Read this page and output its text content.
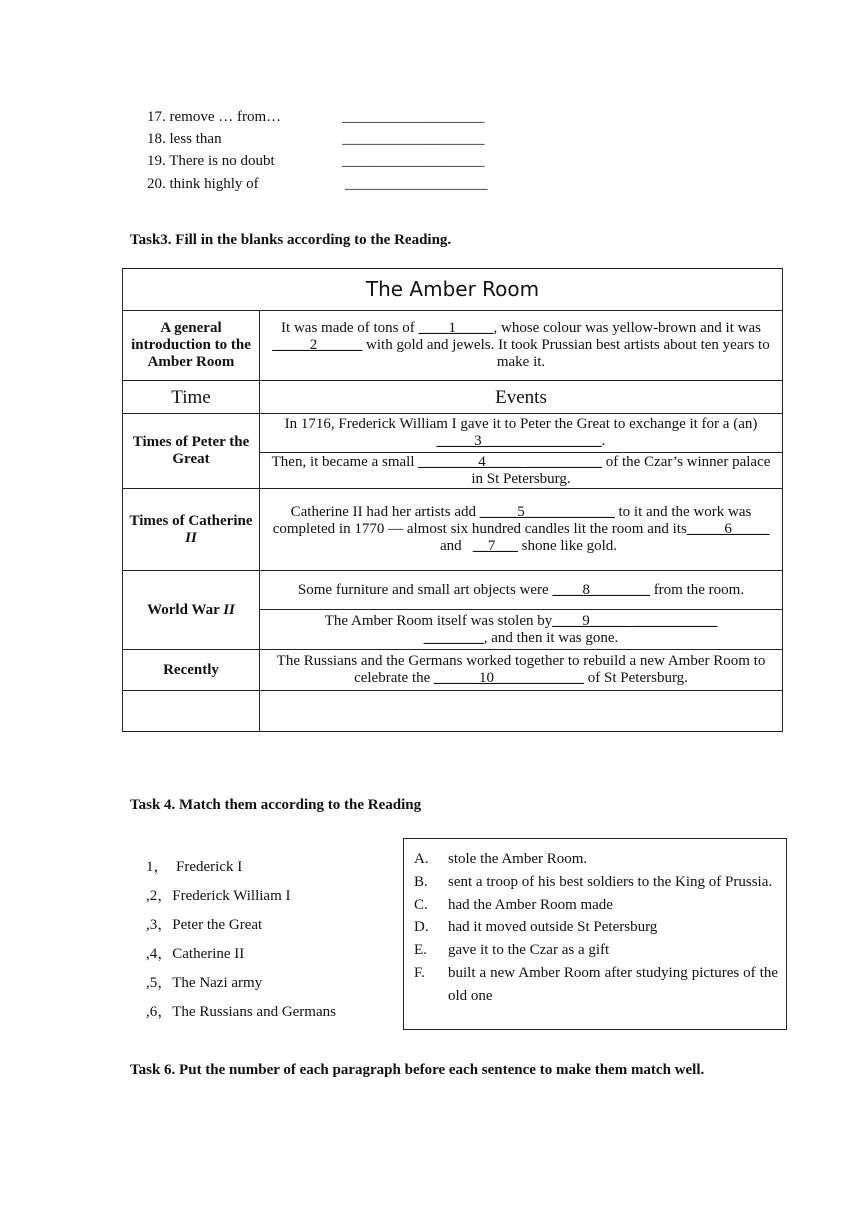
17. remove … from…	___________________
18. less than	___________________
19. There is no doubt	___________________
20. think highly of	___________________
Task3. Fill in the blanks according to the Reading.
The Amber Room	
A general introduction to the Amber Room	It was made of tons of ____1_____, whose colour was yellow-brown and it was _____2______ with gold and jewels. It took Prussian best artists about ten years to make it.
Time	Events
Times of Peter the Great	In 1716, Frederick William I gave it to Peter the Great to exchange it for a (an) _____3________________.
	Then, it became a small ________4_____ __________ of the Czar’s winner palace in St Petersburg.
Times of Catherine II	Catherine II had her artists add _____5____________ to it and the work was completed in 1770 — almost six hundred candles lit the room and its_____6_____    and   __7___ shone like gold.
World War II	Some furniture and small art objects were ____8________ from the room.
	The Amber Room itself was stolen by____9_____  ___________
________, and then it was gone.
Recently	The Russians and the Germans worked together to rebuild a new Amber Room to celebrate the ______10____________ of St Petersburg.

Task 4. Match them according to the Reading
1，  Frederick I
,2，Frederick William I
,3，Peter the Great
,4，Catherine II
,5，The Nazi army
,6，The Russians and Germans
A.	stole the Amber Room.
B.	sent a troop of his best soldiers to the King of Prussia.
C.	had the Amber Room made
D.	had it moved outside St Petersburg
E.	gave it to the Czar as a gift
F.	built a new Amber Room after studying pictures of the old one
Task 6. Put the number of each paragraph before each sentence to make them match well.
